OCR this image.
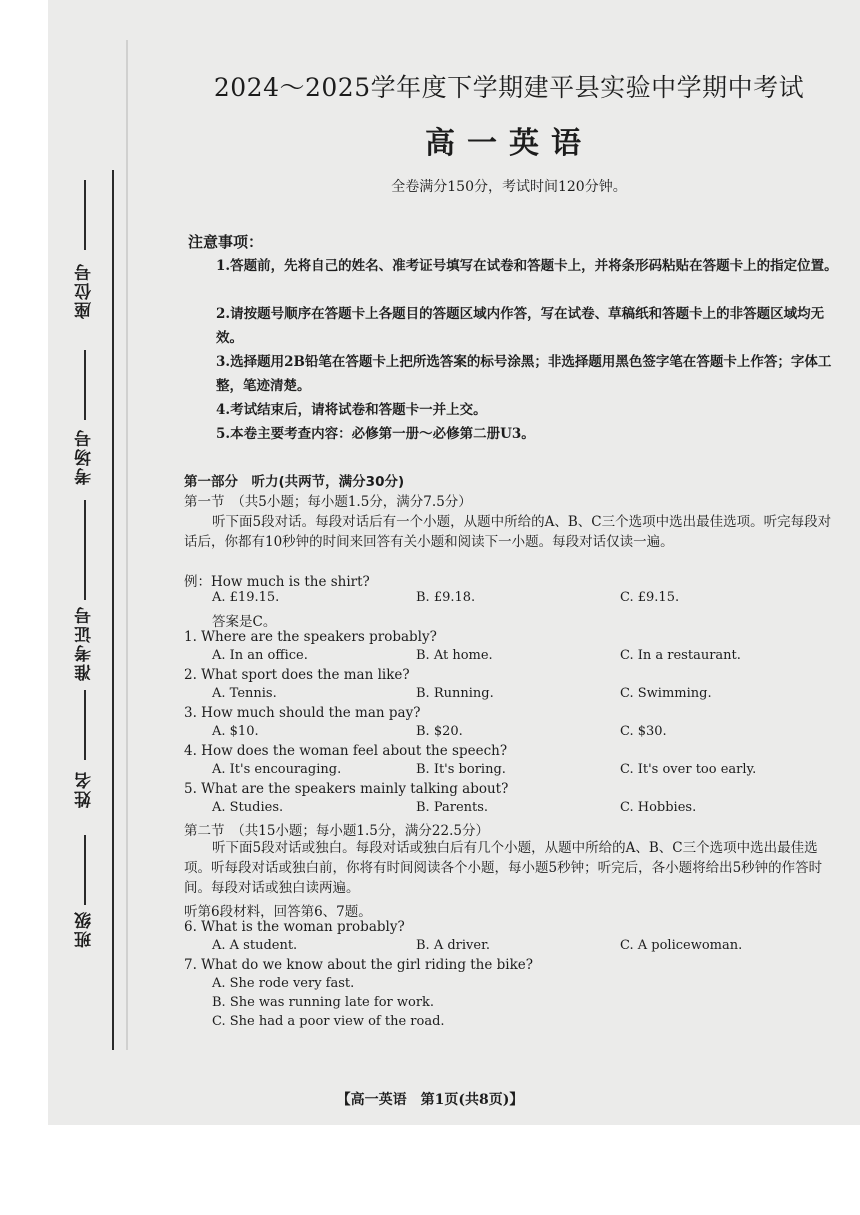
座位号
考场号
准考证号
姓名
班级
2024～2025学年度下学期建平县实验中学期中考试
高一英语
全卷满分150分，考试时间120分钟。
注意事项：
1.答题前，先将自己的姓名、准考证号填写在试卷和答题卡上，并将条形码粘贴在答题卡上的指定位置。
2.请按题号顺序在答题卡上各题目的答题区域内作答，写在试卷、草稿纸和答题卡上的非答题区域均无效。
3.选择题用2B铅笔在答题卡上把所选答案的标号涂黑；非选择题用黑色签字笔在答题卡上作答；字体工整，笔迹清楚。
4.考试结束后，请将试卷和答题卡一并上交。
5.本卷主要考查内容：必修第一册～必修第二册U3。
第一部分　听力(共两节，满分30分)
第一节　（共5小题；每小题1.5分，满分7.5分）
听下面5段对话。每段对话后有一个小题，从题中所给的A、B、C三个选项中选出最佳选项。听完每段对话后，你都有10秒钟的时间来回答有关小题和阅读下一小题。每段对话仅读一遍。
例：How much is the shirt?
A. £19.15.	B. £9.18.	C. £9.15.
答案是C。
1. Where are the speakers probably?
A. In an office.	B. At home.	C. In a restaurant.
2. What sport does the man like?
A. Tennis.	B. Running.	C. Swimming.
3. How much should the man pay?
A. $10.	B. $20.	C. $30.
4. How does the woman feel about the speech?
A. It's encouraging.	B. It's boring.	C. It's over too early.
5. What are the speakers mainly talking about?
A. Studies.	B. Parents.	C. Hobbies.
第二节　（共15小题；每小题1.5分，满分22.5分）
听下面5段对话或独白。每段对话或独白后有几个小题，从题中所给的A、B、C三个选项中选出最佳选项。听每段对话或独白前，你将有时间阅读各个小题，每小题5秒钟；听完后，各小题将给出5秒钟的作答时间。每段对话或独白读两遍。
听第6段材料，回答第6、7题。
6. What is the woman probably?
A. A student.	B. A driver.	C. A policewoman.
7. What do we know about the girl riding the bike?
A. She rode very fast.
B. She was running late for work.
C. She had a poor view of the road.
【高一英语　第1页(共8页)】
